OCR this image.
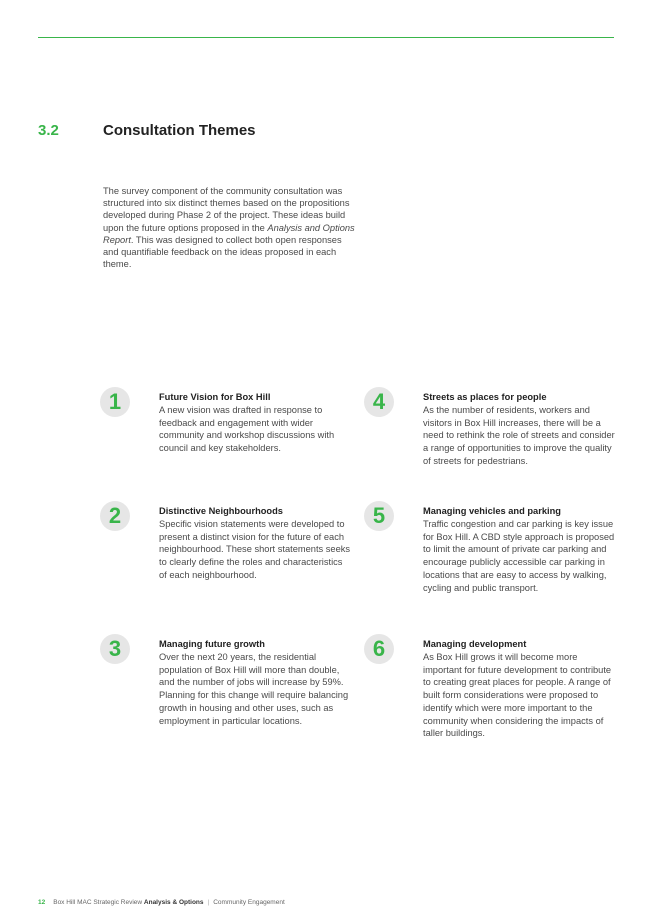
3.2	Consultation Themes

The survey component of the community consultation was structured into six distinct themes based on the propositions developed during Phase 2 of the project. These ideas build upon the future options proposed in the Analysis and Options Report. This was designed to collect both open responses and quantifiable feedback on the ideas proposed in each theme.

1	Future Vision for Box Hill

A new vision was drafted in response to feedback and engagement with wider community and workshop discussions with council and key stakeholders.

2	Distinctive Neighbourhoods

Specific vision statements were developed to present a distinct vision for the future of each neighbourhood. These short statements seeks to clearly define the roles and characteristics of each neighbourhood.

3	Managing future growth

Over the next 20 years, the residential population of Box Hill will more than double, and the number of jobs will increase by 59%. Planning for this change will require balancing growth in housing and other uses, such as employment in particular locations.

4	Streets as places for people

As the number of residents, workers and visitors in Box Hill increases, there will be a need to rethink the role of streets and consider a range of opportunities to improve the quality of streets for pedestrians.

5	Managing vehicles and parking

Traffic congestion and car parking is key issue for Box Hill. A CBD style approach is proposed to limit the amount of private car parking and encourage publicly accessible car parking in locations that are easy to access by walking, cycling and public transport.

6	Managing development

As Box Hill grows it will become more important for future development to contribute to creating great places for people. A range of built form considerations were proposed to identify which were more important to the community when considering the impacts of taller buildings.

12 Box Hill MAC Strategic Review Analysis & Options | Community Engagement
